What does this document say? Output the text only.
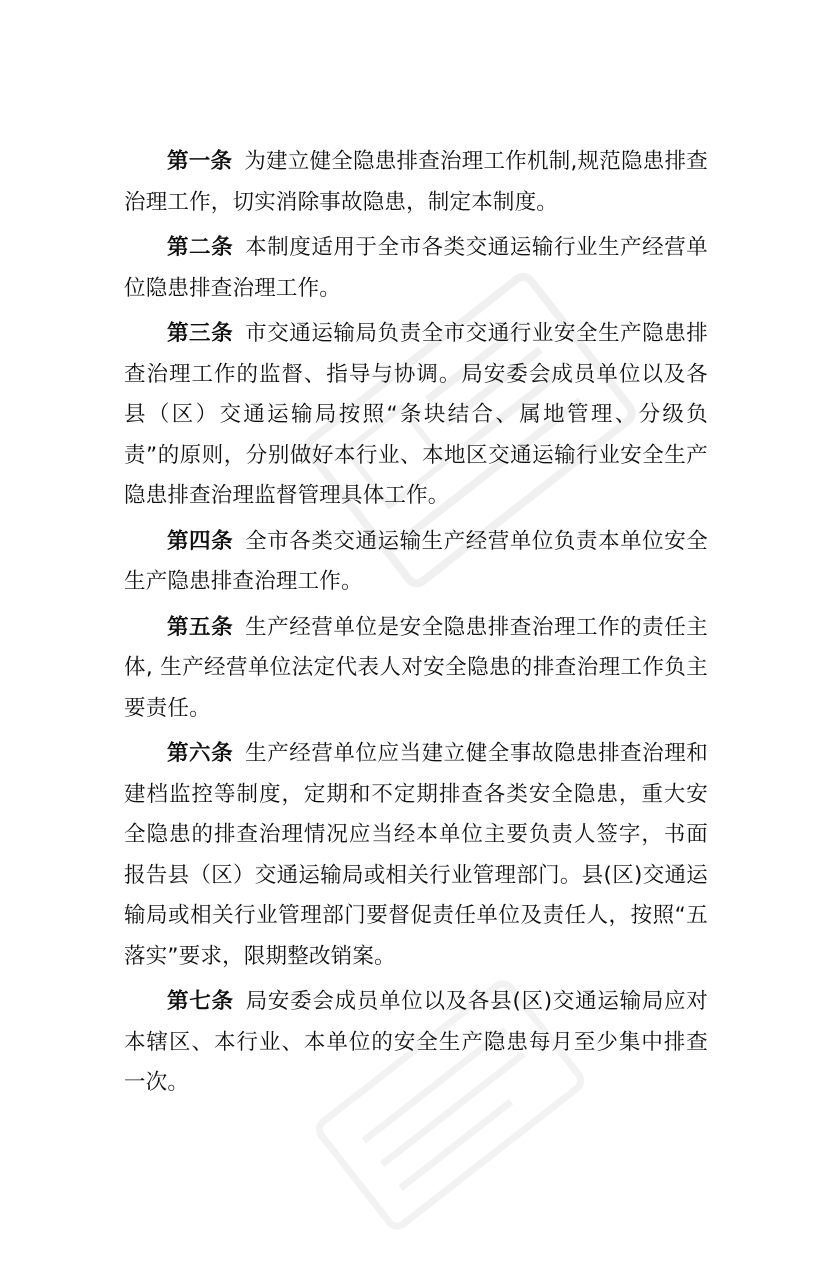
第一条 为建立健全隐患排查治理工作机制,规范隐患排查治理工作，切实消除事故隐患，制定本制度。

第二条 本制度适用于全市各类交通运输行业生产经营单位隐患排查治理工作。

第三条 市交通运输局负责全市交通行业安全生产隐患排查治理工作的监督、指导与协调。局安委会成员单位以及各县（区）交通运输局按照“条块结合、属地管理、分级负责”的原则，分别做好本行业、本地区交通运输行业安全生产隐患排查治理监督管理具体工作。

第四条 全市各类交通运输生产经营单位负责本单位安全生产隐患排查治理工作。

第五条 生产经营单位是安全隐患排查治理工作的责任主体, 生产经营单位法定代表人对安全隐患的排查治理工作负主要责任。

第六条 生产经营单位应当建立健全事故隐患排查治理和建档监控等制度，定期和不定期排查各类安全隐患，重大安全隐患的排查治理情况应当经本单位主要负责人签字，书面报告县（区）交通运输局或相关行业管理部门。县(区)交通运输局或相关行业管理部门要督促责任单位及责任人，按照“五落实”要求，限期整改销案。

第七条 局安委会成员单位以及各县(区)交通运输局应对本辖区、本行业、本单位的安全生产隐患每月至少集中排查一次。
